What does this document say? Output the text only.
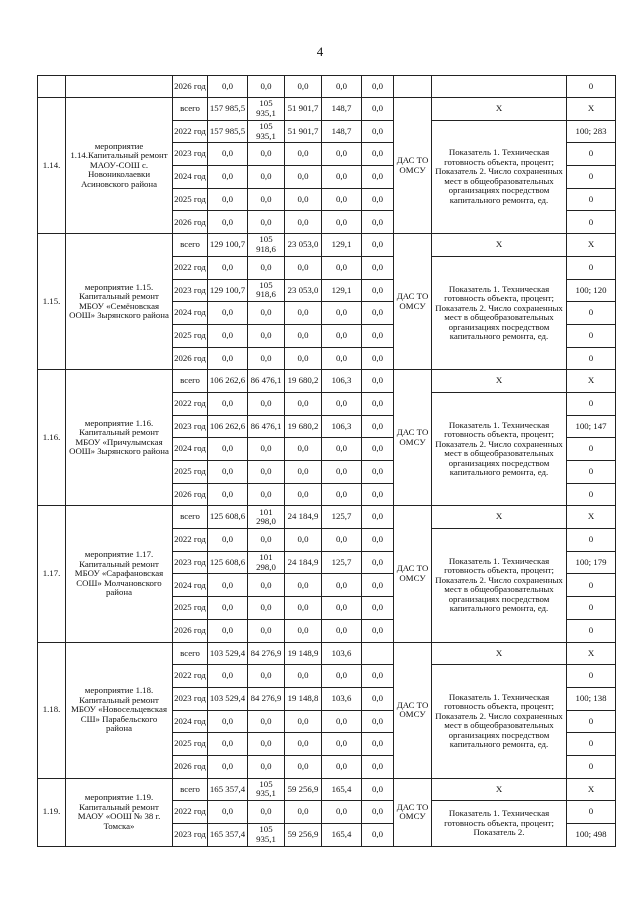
4
		2026 год	0,0	0,0	0,0	0,0	0,0			0
1.14.	мероприятие 1.14.Капитальный ремонт МАОУ-СОШ с. Новониколаевки Асиновского района	всего	157 985,5	105 935,1	51 901,7	148,7	0,0	ДАС ТО ОМСУ	Х	Х
		2022 год	157 985,5	105 935,1	51 901,7	148,7	0,0		Показатель 1. Техническая готовность объекта, процент; Показатель 2. Число сохраненных мест в общеобразовательных организациях посредством капитального ремонта, ед.	100; 283
		2023 год	0,0	0,0	0,0	0,0	0,0			0
		2024 год	0,0	0,0	0,0	0,0	0,0			0
		2025 год	0,0	0,0	0,0	0,0	0,0			0
		2026 год	0,0	0,0	0,0	0,0	0,0			0
1.15.	мероприятие 1.15. Капитальный ремонт МБОУ «Семёновская ООШ» Зырянского района	всего	129 100,7	105 918,6	23 053,0	129,1	0,0	ДАС ТО ОМСУ	Х	Х
		2022 год	0,0	0,0	0,0	0,0	0,0		Показатель 1. Техническая готовность объекта, процент; Показатель 2. Число сохраненных мест в общеобразовательных организациях посредством капитального ремонта, ед.	0
		2023 год	129 100,7	105 918,6	23 053,0	129,1	0,0			100; 120
		2024 год	0,0	0,0	0,0	0,0	0,0			0
		2025 год	0,0	0,0	0,0	0,0	0,0			0
		2026 год	0,0	0,0	0,0	0,0	0,0			0
1.16.	мероприятие 1.16. Капитальный ремонт МБОУ «Причулымская ООШ» Зырянского района	всего	106 262,6	86 476,1	19 680,2	106,3	0,0	ДАС ТО ОМСУ	Х	Х
		2022 год	0,0	0,0	0,0	0,0	0,0		Показатель 1. Техническая готовность объекта, процент; Показатель 2. Число сохраненных мест в общеобразовательных организациях посредством капитального ремонта, ед.	0
		2023 год	106 262,6	86 476,1	19 680,2	106,3	0,0			100; 147
		2024 год	0,0	0,0	0,0	0,0	0,0			0
		2025 год	0,0	0,0	0,0	0,0	0,0			0
		2026 год	0,0	0,0	0,0	0,0	0,0			0
1.17.	мероприятие 1.17. Капитальный ремонт МБОУ «Сарафановская СОШ» Молчановского района	всего	125 608,6	101 298,0	24 184,9	125,7	0,0	ДАС ТО ОМСУ	Х	Х
		2022 год	0,0	0,0	0,0	0,0	0,0		Показатель 1. Техническая готовность объекта, процент; Показатель 2. Число сохраненных мест в общеобразовательных организациях посредством капитального ремонта, ед.	0
		2023 год	125 608,6	101 298,0	24 184,9	125,7	0,0			100; 179
		2024 год	0,0	0,0	0,0	0,0	0,0			0
		2025 год	0,0	0,0	0,0	0,0	0,0			0
		2026 год	0,0	0,0	0,0	0,0	0,0			0
1.18.	мероприятие 1.18. Капитальный ремонт МБОУ «Новосельцевская СШ» Парабельского района	всего	103 529,4	84 276,9	19 148,9	103,6		ДАС ТО ОМСУ	Х	Х
		2022 год	0,0	0,0	0,0	0,0	0,0		Показатель 1. Техническая готовность объекта, процент; Показатель 2. Число сохраненных мест в общеобразовательных организациях посредством капитального ремонта, ед.	0
		2023 год	103 529,4	84 276,9	19 148,8	103,6	0,0			100; 138
		2024 год	0,0	0,0	0,0	0,0	0,0			0
		2025 год	0,0	0,0	0,0	0,0	0,0			0
		2026 год	0,0	0,0	0,0	0,0	0,0			0
1.19.	мероприятие 1.19. Капитальный ремонт МАОУ «ООШ № 38 г. Томска»	всего	165 357,4	105 935,1	59 256,9	165,4	0,0	ДАС ТО ОМСУ	Х	Х
		2022 год	0,0	0,0	0,0	0,0	0,0		Показатель 1. Техническая готовность объекта, процент; Показатель 2.	0
		2023 год	165 357,4	105 935,1	59 256,9	165,4	0,0			100; 498
